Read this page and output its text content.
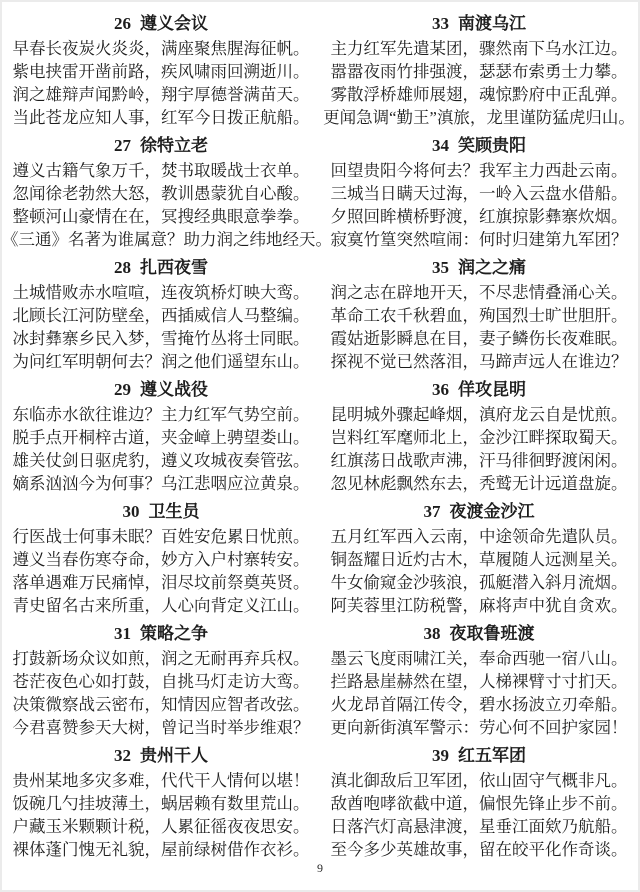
26 遵义会议

早春长夜炭火炎炎，满座聚焦腥海征帆。

紫电挟雷开凿前路，疾风啸雨回溯逝川。

润之雄辩声闻黔岭，翔宇厚德誉满苗天。

当此苍龙应知人事，红军今日拨正航船。

27 徐特立老

遵义古籍气象万千，焚书取暖战士衣单。

忽闻徐老勃然大怒，教训愚蒙犹自心酸。

整顿河山豪情在在，冥搜经典眼意拳拳。

《三通》名著为谁属意？助力润之纬地经天。

28 扎西夜雪

土城惜败赤水喧喧，连夜筑桥灯映大鸾。

北顾长江河防壁垒，西插威信人马整编。

冰封彝寨乡民入梦，雪掩竹丛将士同眠。

为问红军明朝何去？润之他们遥望东山。

29 遵义战役

东临赤水欲往谁边？主力红军气势空前。

脱手点开桐梓古道，夹金嶂上骋望娄山。

雄关仗剑日驱虎豹，遵义攻城夜奏管弦。

嫡系汹汹今为何事？乌江悲咽应泣黄泉。

30 卫生员

行医战士何事未眠？百姓安危累日忧煎。

遵义当春伤寒夺命，妙方入户村寨转安。

落单遇难万民痛悼，泪尽坟前祭奠英贤。

青史留名古来所重，人心向背定义江山。

31 策略之争

打鼓新场众议如煎，润之无耐再弃兵权。

苍茫夜色心如打鼓，自挑马灯走访大鸾。

决策微察战云密布，知情因应智者改弦。

今君喜赞参天大树，曾记当时举步维艰？

32 贵州干人

贵州某地多灾多难，代代干人情何以堪！

饭碗几勺挂坡薄土，蜗居赖有数里荒山。

户藏玉米颗颗计税，人累征徭夜夜思安。

裸体蓬门愧无礼貌，屋前绿树借作衣衫。

33 南渡乌江

主力红军先遣某团，骤然南下乌水江边。

嚣嚣夜雨竹排强渡，瑟瑟布索勇士力攀。

雾散浮桥雄师展翅，魂惊黔府中正乱弹。

更闻急调“勤王”滇旅，龙里谨防猛虎归山。

34 笑顾贵阳

回望贵阳今将何去？我军主力西赴云南。

三城当日瞒天过海，一岭入云盘水借船。

夕照回眸横桥野渡，红旗掠影彝寨炊烟。

寂寞竹篁突然喧闹：何时归建第九军团？

35 润之之痛

润之志在辟地开天，不尽悲情叠涌心关。

革命工农千秋碧血，殉国烈士旷世胆肝。

霞姑逝影瞬息在目，妻子鳞伤长夜难眠。

探视不觉已然落泪，马蹄声远人在谁边？

36 佯攻昆明

昆明城外骤起峰烟，滇府龙云自是忧煎。

岂料红军麾师北上，金沙江畔探取蜀天。

红旗荡日战歌声沸，汗马徘徊野渡闲闲。

忽见林彪飘然东去，秃鹫无计远道盘旋。

37 夜渡金沙江

五月红军西入云南，中途领命先遣队员。

铜盔耀日近灼古木，草履随人远测星关。

牛女偷窥金沙骇浪，孤艇潜入斜月流烟。

阿芙蓉里江防税警，麻将声中犹自贪欢。

38 夜取鲁班渡

墨云飞度雨啸江关，奉命西驰一宿八山。

拦路悬崖赫然在望，人梯裸臂寸寸扪天。

火龙昂首隔江传令，碧水扬波立刃牵船。

更向新街滇军警示：劳心何不回护家园！

39 红五军团

滇北御敌后卫军团，依山固守气概非凡。

敌酋咆哮欲截中道，偏恨先锋止步不前。

日落汽灯高悬津渡，星垂江面欸乃航船。

至今多少英雄故事，留在皎平化作奇谈。

9
